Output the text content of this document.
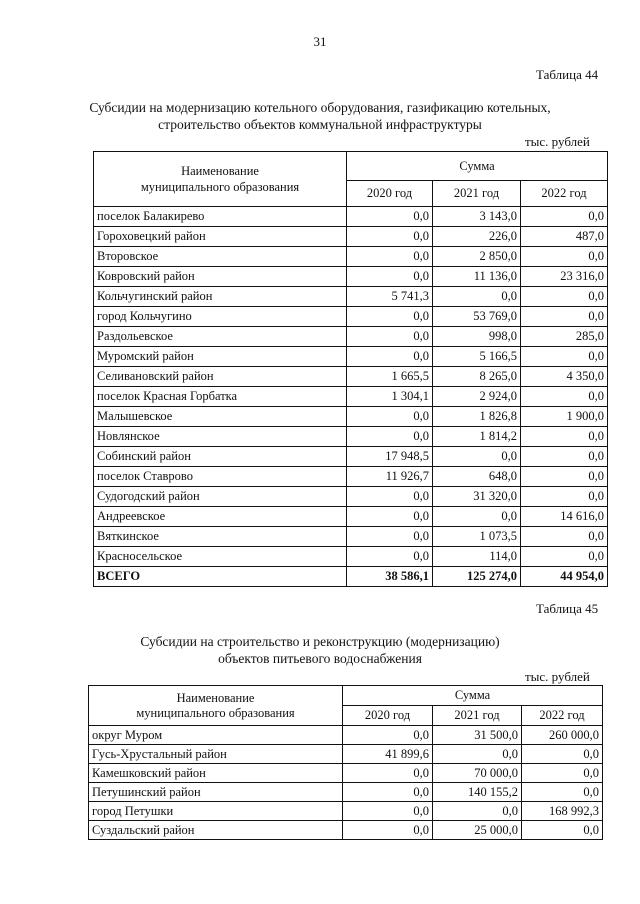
31
Таблица 44
Субсидии на модернизацию котельного оборудования, газификацию котельных,
строительство объектов коммунальной инфраструктуры
тыс. рублей
Наименование
муниципального образования	Сумма		
	2020 год	2021 год	2022 год
поселок Балакирево	0,0	3 143,0	0,0
Гороховецкий район	0,0	226,0	487,0
Второвское	0,0	2 850,0	0,0
Ковровский район	0,0	11 136,0	23 316,0
Кольчугинский район	5 741,3	0,0	0,0
город Кольчугино	0,0	53 769,0	0,0
Раздольевское	0,0	998,0	285,0
Муромский район	0,0	5 166,5	0,0
Селивановский район	1 665,5	8 265,0	4 350,0
поселок Красная Горбатка	1 304,1	2 924,0	0,0
Малышевское	0,0	1 826,8	1 900,0
Новлянское	0,0	1 814,2	0,0
Собинский район	17 948,5	0,0	0,0
поселок Ставрово	11 926,7	648,0	0,0
Судогодский район	0,0	31 320,0	0,0
Андреевское	0,0	0,0	14 616,0
Вяткинское	0,0	1 073,5	0,0
Красносельское	0,0	114,0	0,0
ВСЕГО	38 586,1	125 274,0	44 954,0
Таблица 45
Субсидии на строительство и реконструкцию (модернизацию)
объектов питьевого водоснабжения
тыс. рублей
Наименование
муниципального образования	Сумма		
	2020 год	2021 год	2022 год
округ Муром	0,0	31 500,0	260 000,0
Гусь-Хрустальный район	41 899,6	0,0	0,0
Камешковский район	0,0	70 000,0	0,0
Петушинский район	0,0	140 155,2	0,0
город Петушки	0,0	0,0	168 992,3
Суздальский район	0,0	25 000,0	0,0
